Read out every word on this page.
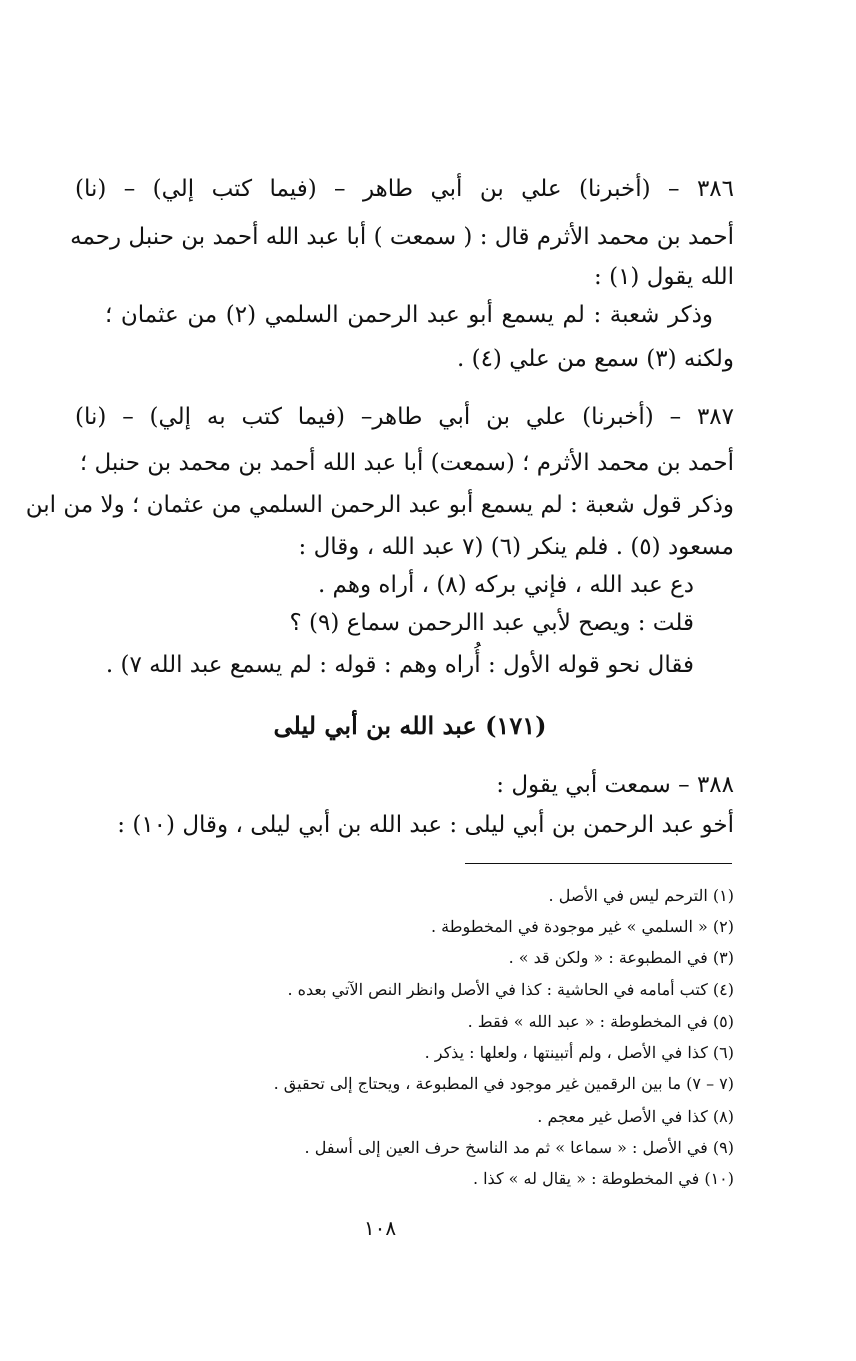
٣٨٦ – (أخبرنا) علي بن أبي طاهر – (فيما كتب إلي) – (نا)
أحمد بن محمد الأثرم قال : ( سمعت ) أبا عبد الله أحمد بن حنبل رحمه
الله يقول (١) :
وذكر شعبة : لم يسمع أبو عبد الرحمن السلمي (٢) من عثمان ؛
ولكنه (٣) سمع من علي (٤) .
٣٨٧ – (أخبرنا) علي بن أبي طاهر– (فيما كتب به إلي) – (نا)
أحمد بن محمد الأثرم ؛ (سمعت) أبا عبد الله أحمد بن محمد بن حنبل ؛
وذكر قول شعبة : لم يسمع أبو عبد الرحمن السلمي من عثمان ؛ ولا من ابن
مسعود (٥) . فلم ينكر (٦) (٧ عبد الله ، وقال :
دع عبد الله ، فإني بركه (٨) ، أراه وهم .
قلت : ويصح لأبي عبد االرحمن سماع (٩) ؟
فقال نحو قوله الأول : أُراه وهم : قوله : لم يسمع عبد الله ٧) .
(١٧١) عبد الله بن أبي ليلى
٣٨٨ – سمعت أبي يقول :
أخو عبد الرحمن بن أبي ليلى : عبد الله بن أبي ليلى ، وقال (١٠) :
(١) الترحم ليس في الأصل .
(٢) « السلمي » غير موجودة في المخطوطة .
(٣) في المطبوعة : « ولكن قد » .
(٤) كتب أمامه في الحاشية : كذا في الأصل وانظر النص الآتي بعده .
(٥) في المخطوطة : « عبد الله » فقط .
(٦) كذا في الأصل ، ولم أتبينتها ، ولعلها : يذكر .
(٧ – ٧) ما بين الرقمين غير موجود في المطبوعة ، ويحتاج إلى تحقيق .
(٨) كذا في الأصل غير معجم .
(٩) في الأصل : « سماعا » ثم مد الناسخ حرف العين إلى أسفل .
(١٠) في المخطوطة : « يقال له » كذا .
١٠٨
